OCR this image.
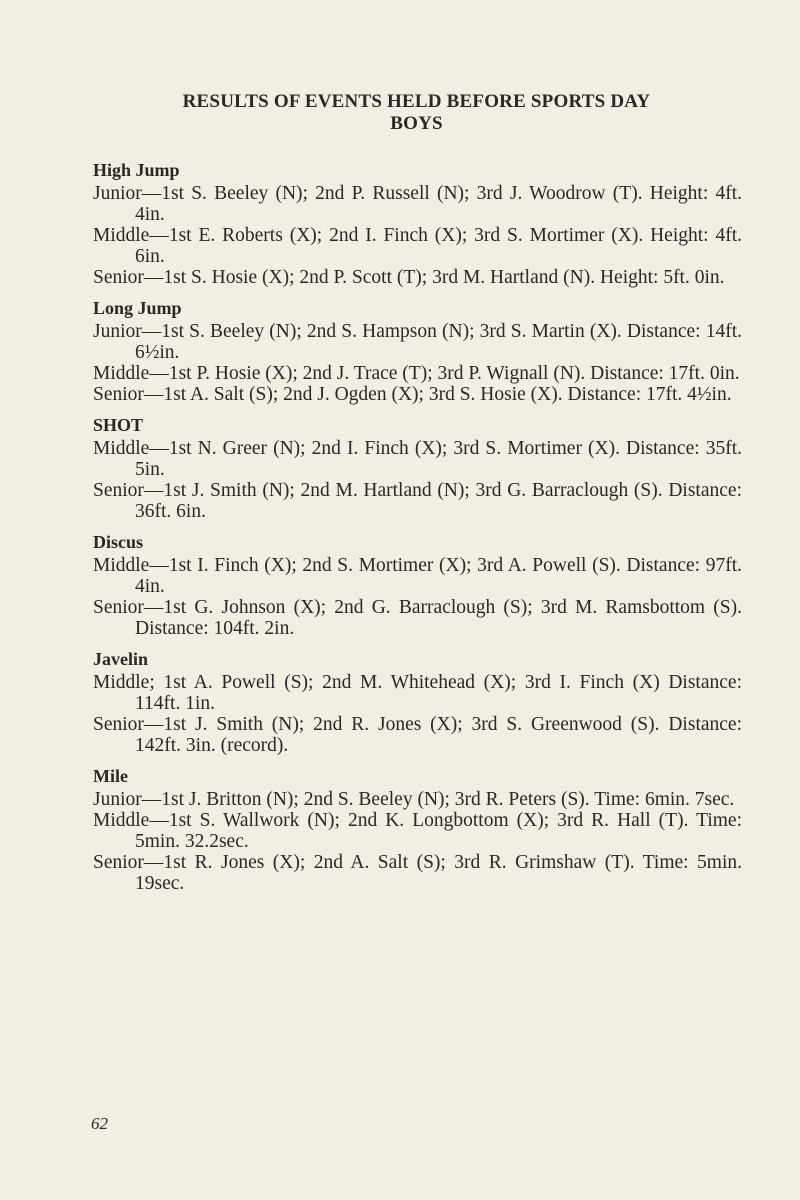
RESULTS OF EVENTS HELD BEFORE SPORTS DAY
BOYS
High Jump
Junior—1st S. Beeley (N); 2nd P. Russell (N); 3rd J. Woodrow (T). Height: 4ft. 4in.
Middle—1st E. Roberts (X); 2nd I. Finch (X); 3rd S. Mortimer (X). Height: 4ft. 6in.
Senior—1st S. Hosie (X); 2nd P. Scott (T); 3rd M. Hartland (N). Height: 5ft. 0in.
Long Jump
Junior—1st S. Beeley (N); 2nd S. Hampson (N); 3rd S. Martin (X). Distance: 14ft. 6½in.
Middle—1st P. Hosie (X); 2nd J. Trace (T); 3rd P. Wignall (N). Distance: 17ft. 0in.
Senior—1st A. Salt (S); 2nd J. Ogden (X); 3rd S. Hosie (X). Distance: 17ft. 4½in.
SHOT
Middle—1st N. Greer (N); 2nd I. Finch (X); 3rd S. Mortimer (X). Distance: 35ft. 5in.
Senior—1st J. Smith (N); 2nd M. Hartland (N); 3rd G. Barraclough (S). Distance: 36ft. 6in.
Discus
Middle—1st I. Finch (X); 2nd S. Mortimer (X); 3rd A. Powell (S). Distance: 97ft. 4in.
Senior—1st G. Johnson (X); 2nd G. Barraclough (S); 3rd M. Ramsbottom (S). Distance: 104ft. 2in.
Javelin
Middle; 1st A. Powell (S); 2nd M. Whitehead (X); 3rd I. Finch (X) Distance: 114ft. 1in.
Senior—1st J. Smith (N); 2nd R. Jones (X); 3rd S. Greenwood (S). Distance: 142ft. 3in. (record).
Mile
Junior—1st J. Britton (N); 2nd S. Beeley (N); 3rd R. Peters (S). Time: 6min. 7sec.
Middle—1st S. Wallwork (N); 2nd K. Longbottom (X); 3rd R. Hall (T). Time: 5min. 32.2sec.
Senior—1st R. Jones (X); 2nd A. Salt (S); 3rd R. Grimshaw (T). Time: 5min. 19sec.
62
